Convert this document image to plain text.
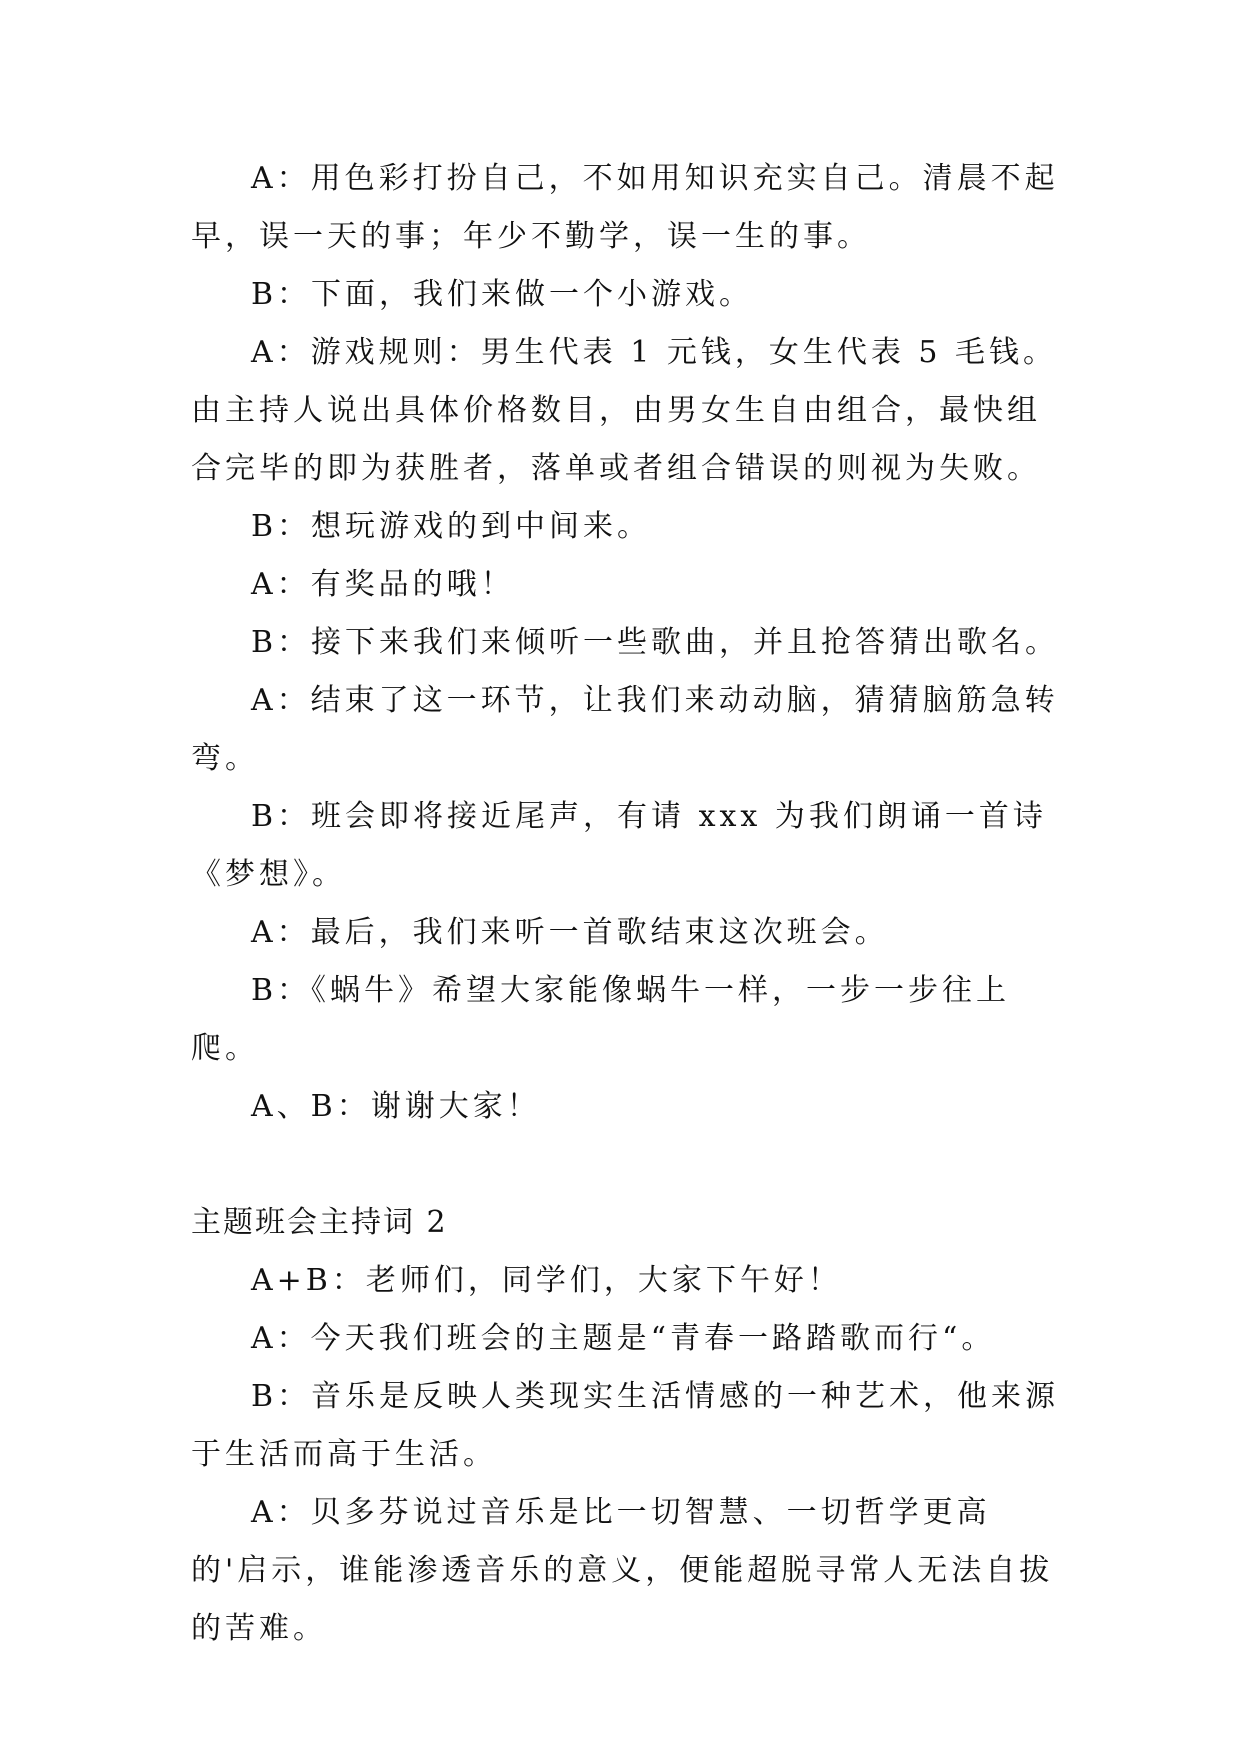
A：用色彩打扮自己，不如用知识充实自己。清晨不起早，误一天的事；年少不勤学，误一生的事。

B：下面，我们来做一个小游戏。

A：游戏规则：男生代表 1 元钱，女生代表 5 毛钱。由主持人说出具体价格数目，由男女生自由组合，最快组合完毕的即为获胜者，落单或者组合错误的则视为失败。

B：想玩游戏的到中间来。

A：有奖品的哦！

B：接下来我们来倾听一些歌曲，并且抢答猜出歌名。

A：结束了这一环节，让我们来动动脑，猜猜脑筋急转弯。

B：班会即将接近尾声，有请 xxx 为我们朗诵一首诗《梦想》。

A：最后，我们来听一首歌结束这次班会。

B：《蜗牛》希望大家能像蜗牛一样，一步一步往上爬。

A、B：谢谢大家！

主题班会主持词 2

A+B：老师们，同学们，大家下午好！

A：今天我们班会的主题是“青春一路踏歌而行“。

B：音乐是反映人类现实生活情感的一种艺术，他来源于生活而高于生活。

A：贝多芬说过音乐是比一切智慧、一切哲学更高的'启示，谁能渗透音乐的意义，便能超脱寻常人无法自拔的苦难。
